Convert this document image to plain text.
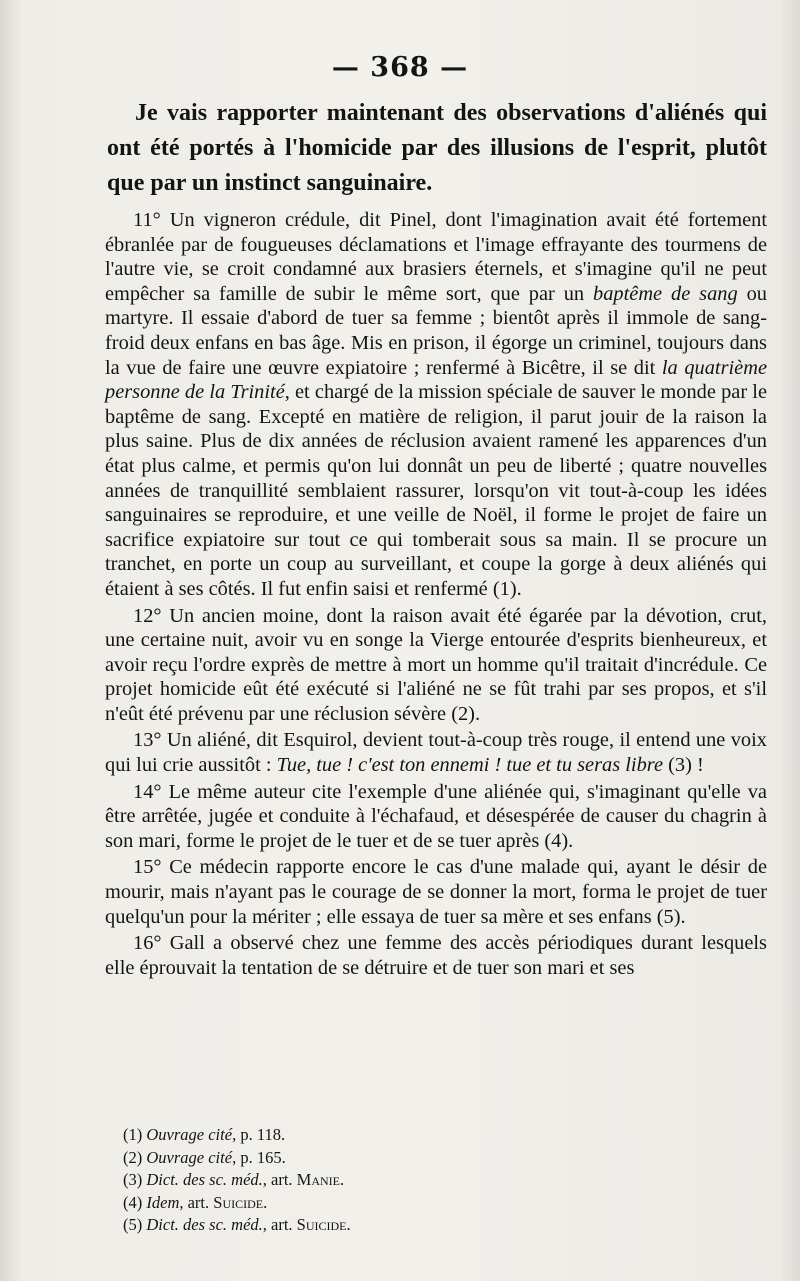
— 368 —

Je vais rapporter maintenant des observations d'aliénés qui ont été portés à l'homicide par des illusions de l'esprit, plutôt que par un instinct sanguinaire.

11° Un vigneron crédule, dit Pinel, dont l'imagination avait été fortement ébranlée par de fougueuses déclamations et l'image effrayante des tourmens de l'autre vie, se croit condamné aux brasiers éternels, et s'imagine qu'il ne peut empêcher sa famille de subir le même sort, que par un baptême de sang ou martyre. Il essaie d'abord de tuer sa femme ; bientôt après il immole de sang-froid deux enfans en bas âge. Mis en prison, il égorge un criminel, toujours dans la vue de faire une œuvre expiatoire ; renfermé à Bicêtre, il se dit la quatrième personne de la Trinité, et chargé de la mission spéciale de sauver le monde par le baptême de sang. Excepté en matière de religion, il parut jouir de la raison la plus saine. Plus de dix années de réclusion avaient ramené les apparences d'un état plus calme, et permis qu'on lui donnât un peu de liberté ; quatre nouvelles années de tranquillité semblaient rassurer, lorsqu'on vit tout-à-coup les idées sanguinaires se reproduire, et une veille de Noël, il forme le projet de faire un sacrifice expiatoire sur tout ce qui tomberait sous sa main. Il se procure un tranchet, en porte un coup au surveillant, et coupe la gorge à deux aliénés qui étaient à ses côtés. Il fut enfin saisi et renfermé (1).

12° Un ancien moine, dont la raison avait été égarée par la dévotion, crut, une certaine nuit, avoir vu en songe la Vierge entourée d'esprits bienheureux, et avoir reçu l'ordre exprès de mettre à mort un homme qu'il traitait d'incrédule. Ce projet homicide eût été exécuté si l'aliéné ne se fût trahi par ses propos, et s'il n'eût été prévenu par une réclusion sévère (2).

13° Un aliéné, dit Esquirol, devient tout-à-coup très rouge, il entend une voix qui lui crie aussitôt : Tue, tue ! c'est ton ennemi ! tue et tu seras libre (3) !

14° Le même auteur cite l'exemple d'une aliénée qui, s'imaginant qu'elle va être arrêtée, jugée et conduite à l'échafaud, et désespérée de causer du chagrin à son mari, forme le projet de le tuer et de se tuer après (4).

15° Ce médecin rapporte encore le cas d'une malade qui, ayant le désir de mourir, mais n'ayant pas le courage de se donner la mort, forma le projet de tuer quelqu'un pour la mériter ; elle essaya de tuer sa mère et ses enfans (5).

16° Gall a observé chez une femme des accès périodiques durant lesquels elle éprouvait la tentation de se détruire et de tuer son mari et ses

(1) Ouvrage cité, p. 118.

(2) Ouvrage cité, p. 165.

(3) Dict. des sc. méd., art. Manie.

(4) Idem, art. Suicide.

(5) Dict. des sc. méd., art. Suicide.
